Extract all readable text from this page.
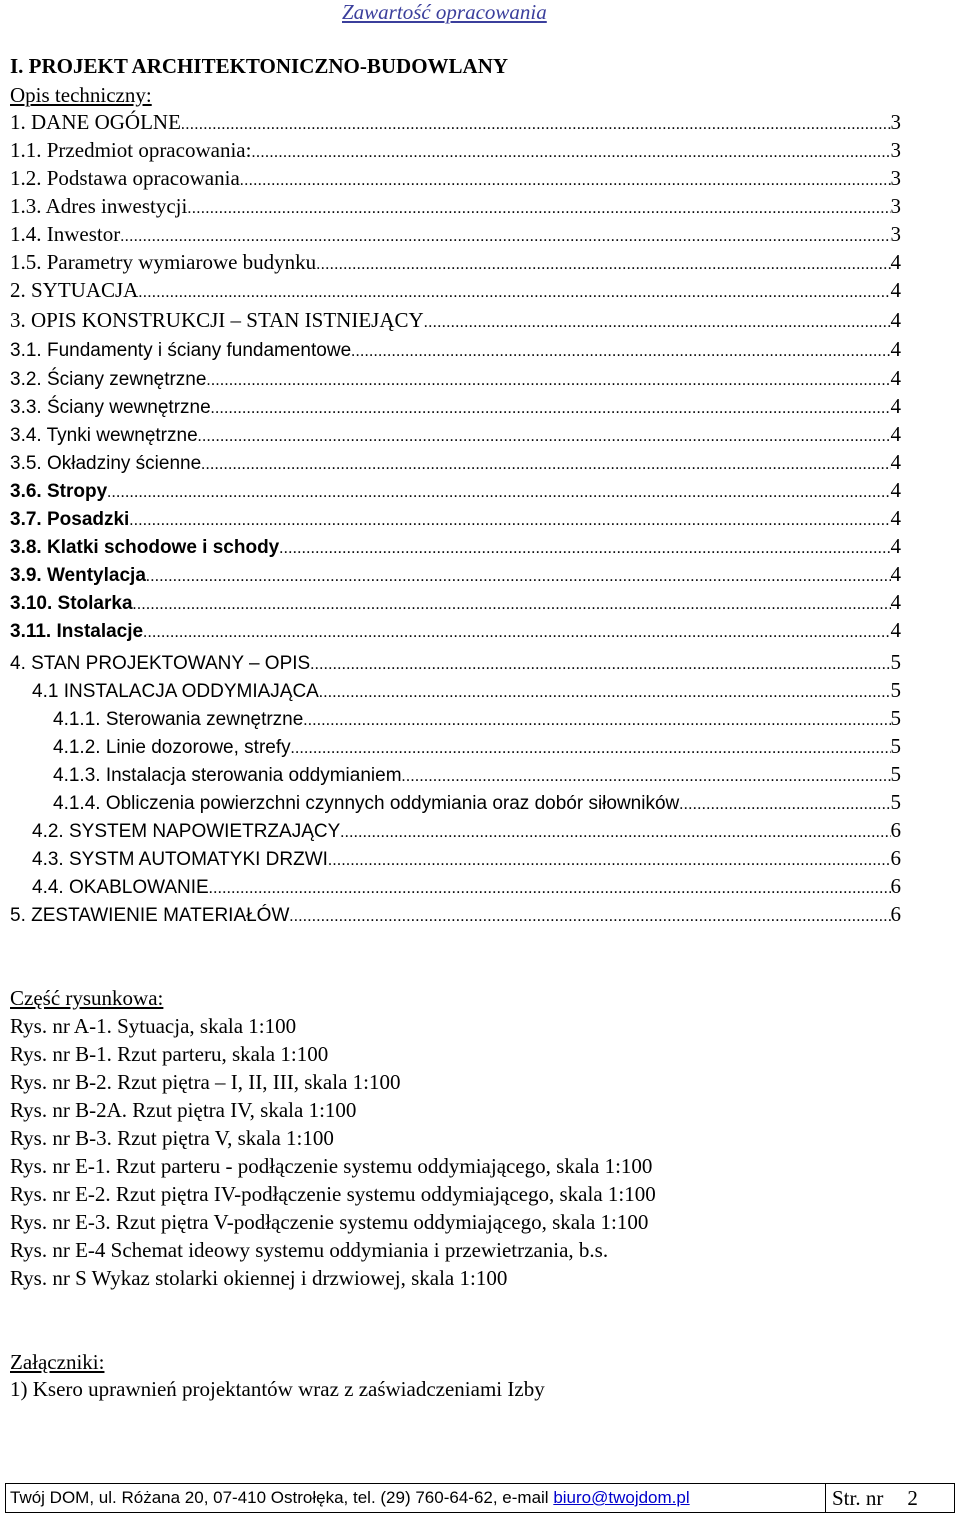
Zawartość opracowania
I. PROJEKT ARCHITEKTONICZNO-BUDOWLANY
Opis techniczny:
1. DANE OGÓLNE .....	3
1.1. Przedmiot opracowania: .....	3
1.2. Podstawa opracowania .....	3
1.3. Adres inwestycji .....	3
1.4. Inwestor .....	3
1.5. Parametry wymiarowe budynku .....	4
2. SYTUACJA .....	4
3. OPIS KONSTRUKCJI – STAN ISTNIEJĄCY .....	4
3.1. Fundamenty i ściany fundamentowe .....	4
3.2. Ściany zewnętrzne .....	4
3.3. Ściany wewnętrzne .....	4
3.4. Tynki wewnętrzne .....	4
3.5. Okładziny ścienne .....	4
3.6. Stropy .....	4
3.7. Posadzki .....	4
3.8. Klatki schodowe i schody .....	4
3.9. Wentylacja .....	4
3.10. Stolarka .....	4
3.11. Instalacje .....	4
4. STAN PROJEKTOWANY – OPIS .....	5
4.1 INSTALACJA ODDYMIAJĄCA .....	5
4.1.1. Sterowania zewnętrzne .....	5
4.1.2. Linie dozorowe, strefy .....	5
4.1.3. Instalacja sterowania oddymianiem .....	5
4.1.4. Obliczenia powierzchni czynnych oddymiania oraz dobór siłowników .....	5
4.2. SYSTEM NAPOWIETRZAJĄCY .....	6
4.3. SYSTM AUTOMATYKI DRZWI .....	6
4.4. OKABLOWANIE .....	6
5. ZESTAWIENIE MATERIAŁÓW .....	6
Część rysunkowa:
Rys. nr A-1. Sytuacja, skala 1:100
Rys. nr B-1. Rzut parteru, skala 1:100
Rys. nr B-2. Rzut piętra – I, II, III, skala 1:100
Rys. nr B-2A. Rzut piętra IV, skala 1:100
Rys. nr B-3. Rzut piętra V, skala 1:100
Rys. nr E-1. Rzut parteru - podłączenie systemu oddymiającego, skala 1:100
Rys. nr E-2. Rzut piętra IV-podłączenie systemu oddymiającego, skala 1:100
Rys. nr E-3. Rzut piętra V-podłączenie systemu oddymiającego, skala 1:100
Rys. nr E-4 Schemat ideowy systemu oddymiania i przewietrzania, b.s.
Rys. nr S Wykaz stolarki okiennej i drzwiowej, skala 1:100
Załączniki:
1) Ksero uprawnień projektantów wraz z zaświadczeniami Izby
Twój DOM, ul. Różana 20, 07-410 Ostrołęka, tel. (29) 760-64-62, e-mail biuro@twojdom.pl	Str. nr 2
